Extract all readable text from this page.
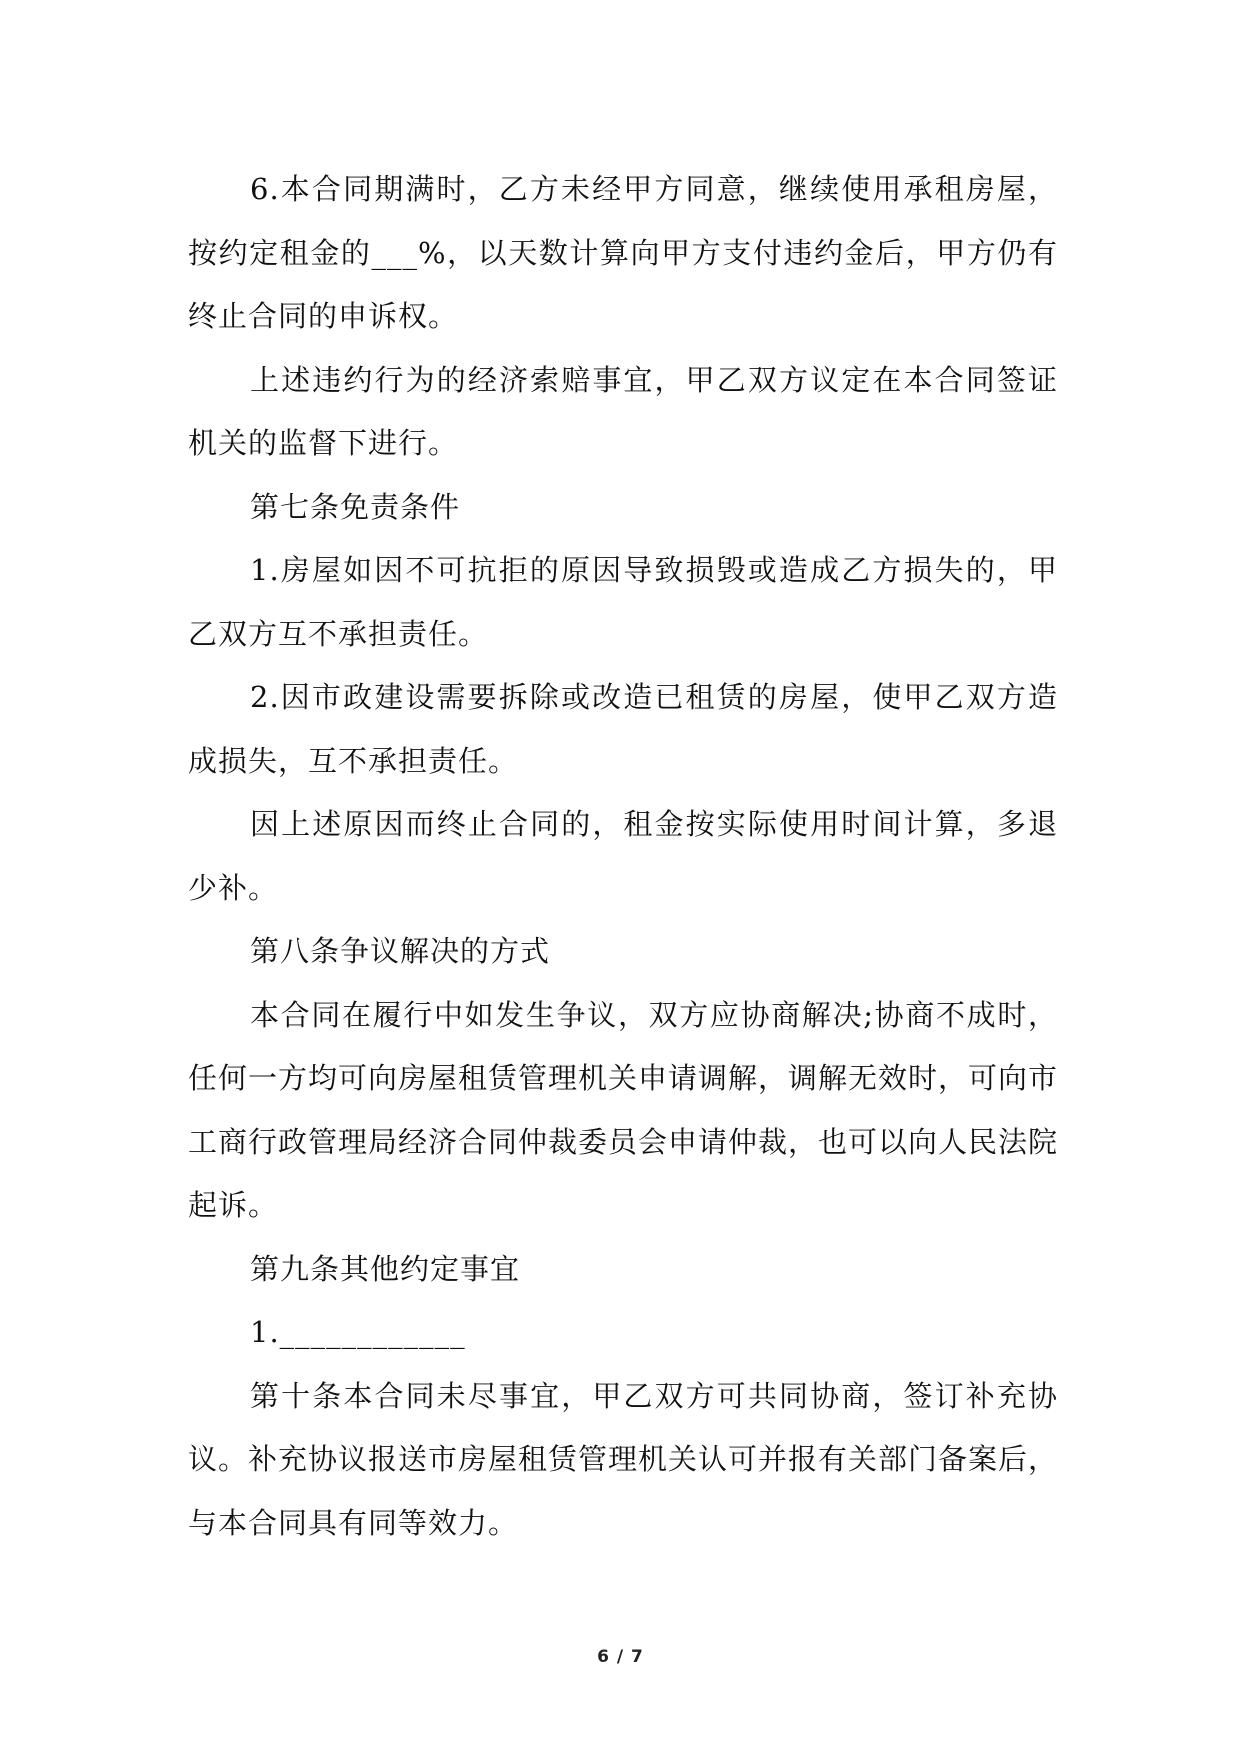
6.本合同期满时，乙方未经甲方同意，继续使用承租房屋，按约定租金的___%，以天数计算向甲方支付违约金后，甲方仍有终止合同的申诉权。

上述违约行为的经济索赔事宜，甲乙双方议定在本合同签证机关的监督下进行。

第七条免责条件

1.房屋如因不可抗拒的原因导致损毁或造成乙方损失的，甲乙双方互不承担责任。

2.因市政建设需要拆除或改造已租赁的房屋，使甲乙双方造成损失，互不承担责任。

因上述原因而终止合同的，租金按实际使用时间计算，多退少补。

第八条争议解决的方式

本合同在履行中如发生争议，双方应协商解决;协商不成时，任何一方均可向房屋租赁管理机关申请调解，调解无效时，可向市工商行政管理局经济合同仲裁委员会申请仲裁，也可以向人民法院起诉。

第九条其他约定事宜

1.____________

第十条本合同未尽事宜，甲乙双方可共同协商，签订补充协议。补充协议报送市房屋租赁管理机关认可并报有关部门备案后，与本合同具有同等效力。

6 / 7
